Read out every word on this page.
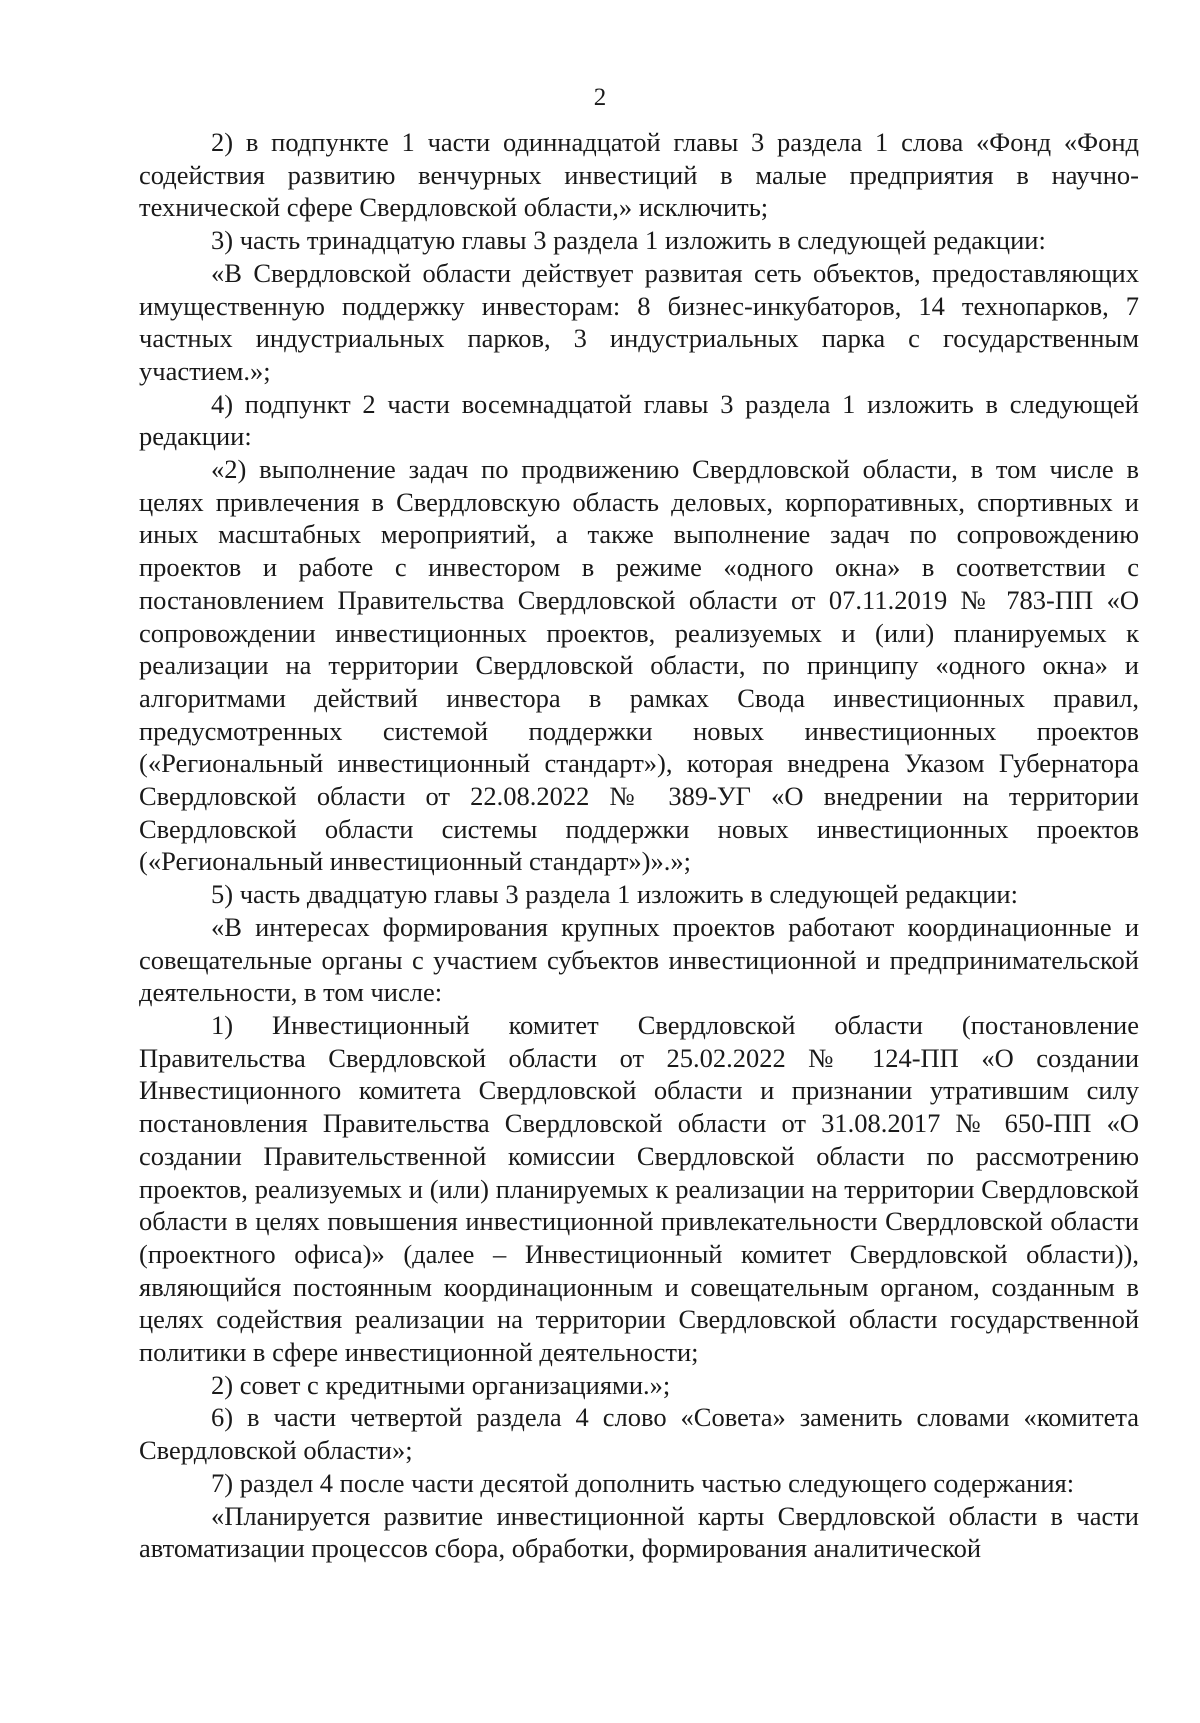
2

2) в подпункте 1 части одиннадцатой главы 3 раздела 1 слова «Фонд «Фонд содействия развитию венчурных инвестиций в малые предприятия в научно-технической сфере Свердловской области,» исключить;

3) часть тринадцатую главы 3 раздела 1 изложить в следующей редакции:

«В Свердловской области действует развитая сеть объектов, предоставляющих имущественную поддержку инвесторам: 8 бизнес-инкубаторов, 14 технопарков, 7 частных индустриальных парков, 3 индустриальных парка с государственным участием.»;

4) подпункт 2 части восемнадцатой главы 3 раздела 1 изложить в следующей редакции:

«2) выполнение задач по продвижению Свердловской области, в том числе в целях привлечения в Свердловскую область деловых, корпоративных, спортивных и иных масштабных мероприятий, а также выполнение задач по сопровождению проектов и работе с инвестором в режиме «одного окна» в соответствии с постановлением Правительства Свердловской области от 07.11.2019 № 783-ПП «О сопровождении инвестиционных проектов, реализуемых и (или) планируемых к реализации на территории Свердловской области, по принципу «одного окна» и алгоритмами действий инвестора в рамках Свода инвестиционных правил, предусмотренных системой поддержки новых инвестиционных проектов («Региональный инвестиционный стандарт»), которая внедрена Указом Губернатора Свердловской области от 22.08.2022 № 389-УГ «О внедрении на территории Свердловской области системы поддержки новых инвестиционных проектов («Региональный инвестиционный стандарт»)».»;

5) часть двадцатую главы 3 раздела 1 изложить в следующей редакции:

«В интересах формирования крупных проектов работают координационные и совещательные органы с участием субъектов инвестиционной и предпринимательской деятельности, в том числе:

1) Инвестиционный комитет Свердловской области (постановление Правительства Свердловской области от 25.02.2022 № 124-ПП «О создании Инвестиционного комитета Свердловской области и признании утратившим силу постановления Правительства Свердловской области от 31.08.2017 № 650-ПП «О создании Правительственной комиссии Свердловской области по рассмотрению проектов, реализуемых и (или) планируемых к реализации на территории Свердловской области в целях повышения инвестиционной привлекательности Свердловской области (проектного офиса)» (далее – Инвестиционный комитет Свердловской области)), являющийся постоянным координационным и совещательным органом, созданным в целях содействия реализации на территории Свердловской области государственной политики в сфере инвестиционной деятельности;

2) совет с кредитными организациями.»;

6) в части четвертой раздела 4 слово «Совета» заменить словами «комитета Свердловской области»;

7) раздел 4 после части десятой дополнить частью следующего содержания:

«Планируется развитие инвестиционной карты Свердловской области в части автоматизации процессов сбора, обработки, формирования аналитической
